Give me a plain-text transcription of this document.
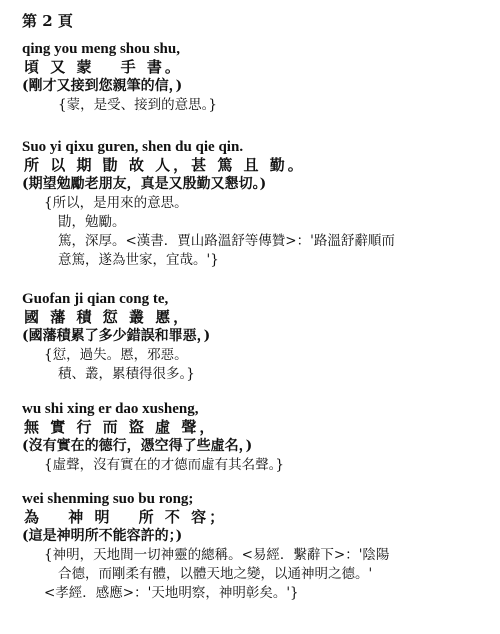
第 2 頁
qing you meng shou shu,
頃 又 蒙　 手 書。
(剛才又接到您親筆的信，)
{蒙，是受、接到的意思。}
Suo yi qixu guren, shen du qie qin.
所 以 期 勖 故 人，甚 篤 且 勤。
(期望勉勵老朋友，真是又殷勤又懇切。)
{所以，是用來的意思。
勖，勉勵。
篤，深厚。<漢書．賈山路溫舒等傳贊>：'路溫舒辭順而
意篤，遂為世家，宜哉。'}
Guofan ji qian cong te,
國 藩 積 愆 叢 慝，
(國藩積累了多少錯誤和罪惡，)
{愆，過失。慝，邪惡。
積、叢，累積得很多。}
wu shi xing er dao xusheng,
無 實 行 而 盜 虛 聲，
(沒有實在的德行，憑空得了些虛名，)
{虛聲，沒有實在的才德而虛有其名聲。}
wei shenming suo bu rong;
為　 神 明　 所 不 容；
(這是神明所不能容許的；)
{神明，天地間一切神靈的總稱。<易經．繫辭下>：'陰陽
合德，而剛柔有體，以體天地之變，以通神明之德。'
<孝經．感應>：'天地明察，神明彰矣。'}
